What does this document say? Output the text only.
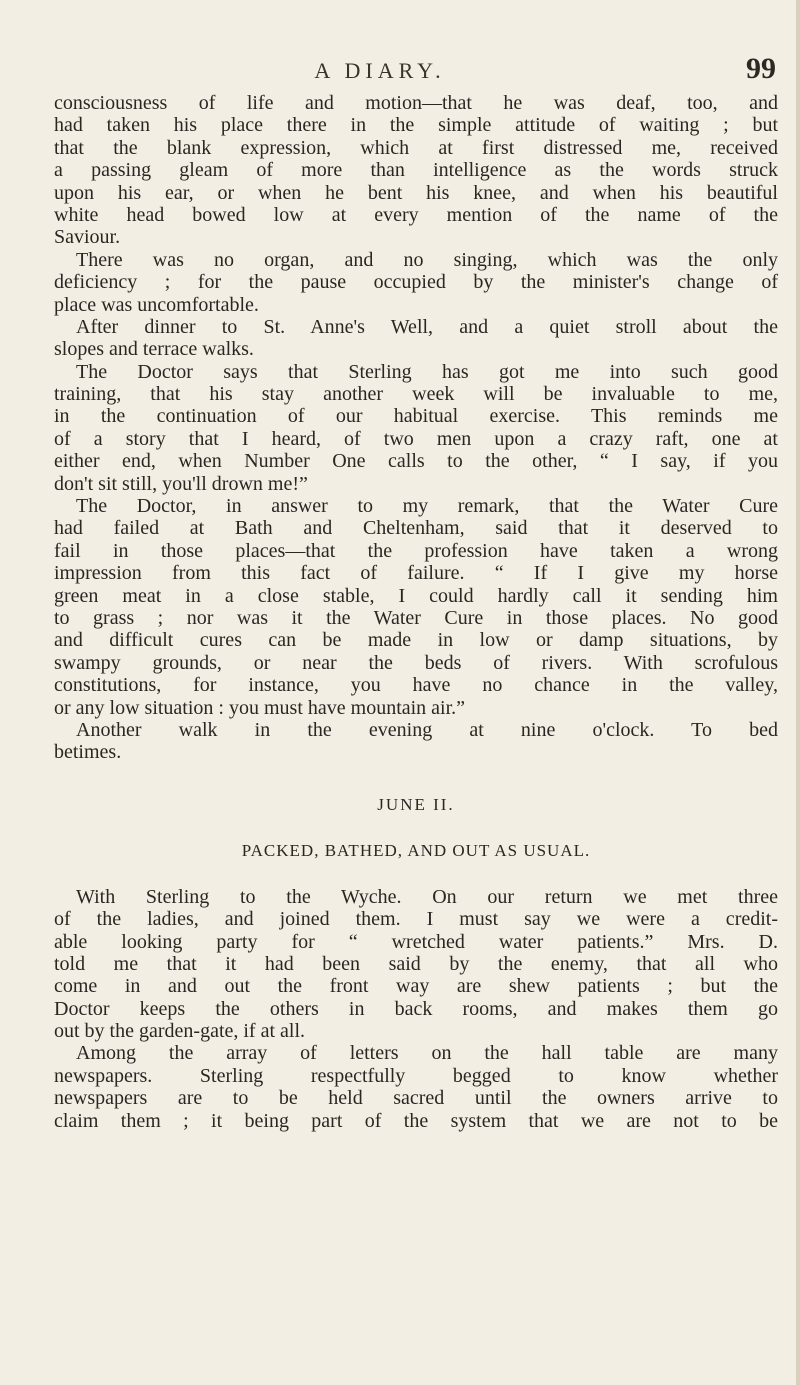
A DIARY.	99
consciousness of life and motion—that he was deaf, too, and
had taken his place there in the simple attitude of waiting ; but
that the blank expression, which at first distressed me, received
a passing gleam of more than intelligence as the words struck
upon his ear, or when he bent his knee, and when his beautiful
white head bowed low at every mention of the name of the
Saviour.
There was no organ, and no singing, which was the only
deficiency ; for the pause occupied by the minister's change of
place was uncomfortable.
After dinner to St. Anne's Well, and a quiet stroll about the
slopes and terrace walks.
The Doctor says that Sterling has got me into such good
training, that his stay another week will be invaluable to me,
in the continuation of our habitual exercise. This reminds me
of a story that I heard, of two men upon a crazy raft, one at
either end, when Number One calls to the other, “ I say, if you
don't sit still, you'll drown me!”
The Doctor, in answer to my remark, that the Water Cure
had failed at Bath and Cheltenham, said that it deserved to
fail in those places—that the profession have taken a wrong
impression from this fact of failure. “ If I give my horse
green meat in a close stable, I could hardly call it sending him
to grass ; nor was it the Water Cure in those places. No good
and difficult cures can be made in low or damp situations, by
swampy grounds, or near the beds of rivers. With scrofulous
constitutions, for instance, you have no chance in the valley,
or any low situation : you must have mountain air.”
Another walk in the evening at nine o'clock. To bed
betimes.
JUNE II.
PACKED, BATHED, AND OUT AS USUAL.
With Sterling to the Wyche. On our return we met three
of the ladies, and joined them. I must say we were a credit-
able looking party for “ wretched water patients.” Mrs. D.
told me that it had been said by the enemy, that all who
come in and out the front way are shew patients ; but the
Doctor keeps the others in back rooms, and makes them go
out by the garden-gate, if at all.
Among the array of letters on the hall table are many
newspapers. Sterling respectfully begged to know whether
newspapers are to be held sacred until the owners arrive to
claim them ; it being part of the system that we are not to be
